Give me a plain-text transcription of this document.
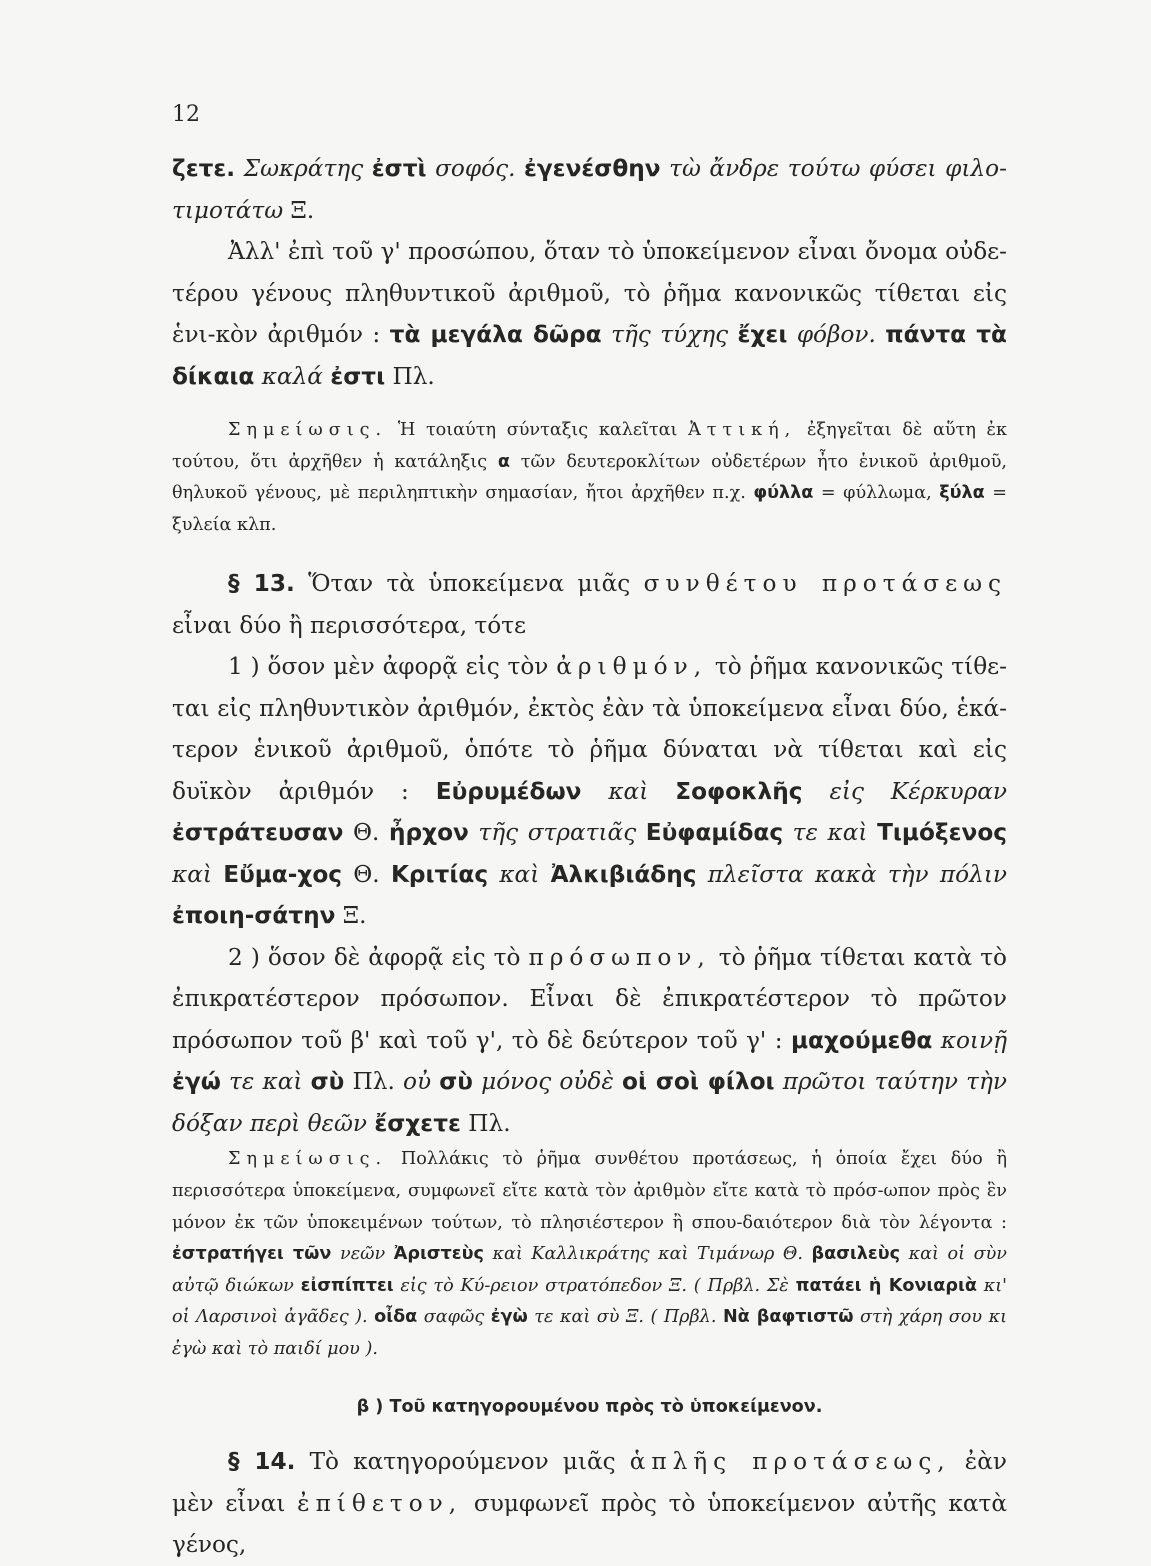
12

ζετε. Σωκράτης ἐστὶ σοφός. ἐγενέσθην τὼ ἄνδρε τούτω φύσει φιλο-τιμοτάτω Ξ.

Ἀλλ' ἐπὶ τοῦ γ' προσώπου, ὅταν τὸ ὑποκείμενον εἶναι ὄνομα οὐδε-τέρου γένους πληθυντικοῦ ἀριθμοῦ, τὸ ῥῆμα κανονικῶς τίθεται εἰς ἑνι-κὸν ἀριθμόν : τὰ μεγάλα δῶρα τῆς τύχης ἔχει φόβον. πάντα τὰ δίκαια καλά ἐστι Πλ.

Σημείωσις. Ἡ τοιαύτη σύνταξις καλεῖται Ἀττική, ἐξηγεῖται δὲ αὕτη ἐκ τούτου, ὅτι ἀρχῆθεν ἡ κατάληξις α τῶν δευτεροκλίτων οὐδετέρων ἦτο ἑνικοῦ ἀριθμοῦ, θηλυκοῦ γένους, μὲ περιληπτικὴν σημασίαν, ἤτοι ἀρχῆθεν π.χ. φύλλα = φύλλωμα, ξύλα = ξυλεία κλπ.

§ 13. Ὅταν τὰ ὑποκείμενα μιᾶς συνθέτου προτάσεως εἶναι δύο ἢ περισσότερα, τότε

1 ) ὅσον μὲν ἀφορᾷ εἰς τὸν ἀριθμόν, τὸ ῥῆμα κανονικῶς τίθε-ται εἰς πληθυντικὸν ἀριθμόν, ἐκτὸς ἐὰν τὰ ὑποκείμενα εἶναι δύο, ἑκά-τερον ἑνικοῦ ἀριθμοῦ, ὁπότε τὸ ῥῆμα δύναται νὰ τίθεται καὶ εἰς δυϊκὸν ἀριθμόν : Εὐρυμέδων καὶ Σοφοκλῆς εἰς Κέρκυραν ἐστράτευσαν Θ. ἦρχον τῆς στρατιᾶς Εὐφαμίδας τε καὶ Τιμόξενος καὶ Εὔμα-χος Θ. Κριτίας καὶ Ἀλκιβιάδης πλεῖστα κακὰ τὴν πόλιν ἐποιη-σάτην Ξ.

2 ) ὅσον δὲ ἀφορᾷ εἰς τὸ πρόσωπον, τὸ ῥῆμα τίθεται κατὰ τὸ ἐπικρατέστερον πρόσωπον. Εἶναι δὲ ἐπικρατέστερον τὸ πρῶτον πρόσωπον τοῦ β' καὶ τοῦ γ', τὸ δὲ δεύτερον τοῦ γ' : μαχούμεθα κοινῇ ἐγώ τε καὶ σὺ Πλ. οὐ σὺ μόνος οὐδὲ οἱ σοὶ φίλοι πρῶτοι ταύτην τὴν δόξαν περὶ θεῶν ἔσχετε Πλ.

Σημείωσις. Πολλάκις τὸ ῥῆμα συνθέτου προτάσεως, ἡ ὁποία ἔχει δύο ἢ περισσότερα ὑποκείμενα, συμφωνεῖ εἴτε κατὰ τὸν ἀριθμὸν εἴτε κατὰ τὸ πρόσ-ωπον πρὸς ἓν μόνον ἐκ τῶν ὑποκειμένων τούτων, τὸ πλησιέστερον ἢ σπου-δαιότερον διὰ τὸν λέγοντα : ἐστρατήγει τῶν νεῶν Ἀριστεὺς καὶ Καλλικράτης καὶ Τιμάνωρ Θ. βασιλεὺς καὶ οἱ σὺν αὐτῷ διώκων εἰσπίπτει εἰς τὸ Κύ-ρειον στρατόπεδον Ξ. ( Πρβλ. Σὲ πατάει ἡ Κονιαριὰ κι' οἱ Λαρσινοὶ ἀγᾶδες ). οἶδα σαφῶς ἐγὼ τε καὶ σὺ Ξ. ( Πρβλ. Νὰ βαφτιστῶ στὴ χάρη σου κι ἐγὼ καὶ τὸ παιδί μου ).

β ) Τοῦ κατηγορουμένου πρὸς τὸ ὑποκείμενον.

§ 14. Τὸ κατηγορούμενον μιᾶς ἁπλῆς προτάσεως, ἐὰν μὲν εἶναι ἐπίθετον, συμφωνεῖ πρὸς τὸ ὑποκείμενον αὐτῆς κατὰ γένος,
